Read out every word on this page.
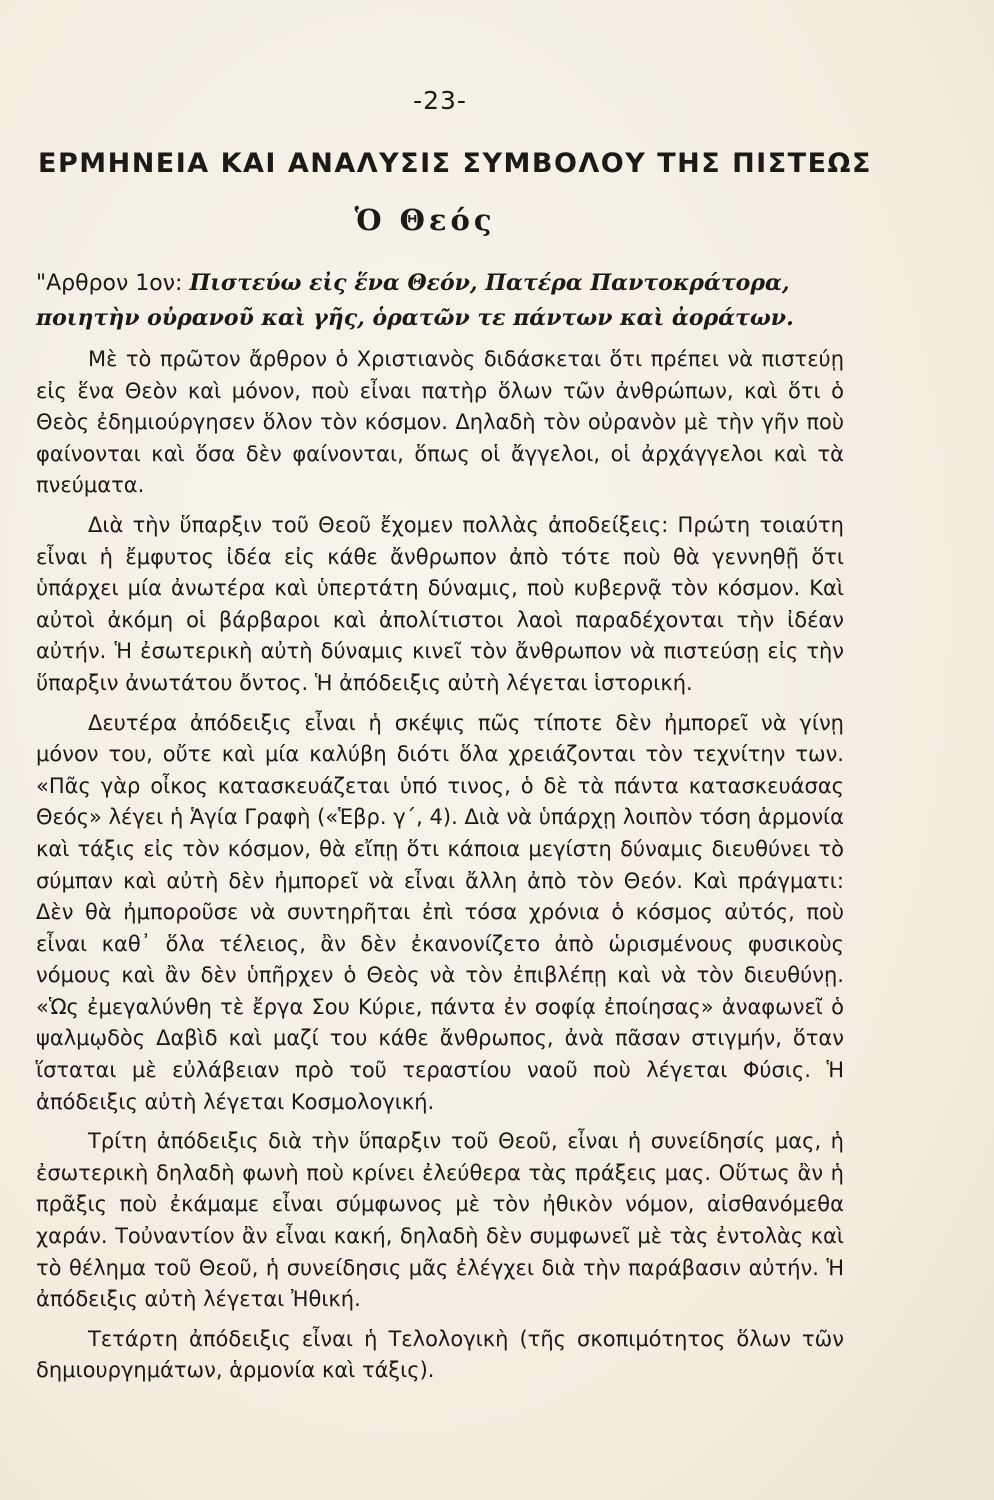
-23-
ΕΡΜΗΝΕΙΑ ΚΑΙ ΑΝΑΛΥΣΙΣ ΣΥΜΒΟΛΟΥ ΤΗΣ ΠΙΣΤΕΩΣ
Ὁ Θεός
"Αρθρον 1ον: Πιστεύω εἰς ἕνα Θεόν, Πατέρα Παντοκράτορα, ποιητὴν οὐρανοῦ καὶ γῆς, ὁρατῶν τε πάντων καὶ ἀοράτων.

Μὲ τὸ πρῶτον ἄρθρον ὁ Χριστιανὸς διδάσκεται ὅτι πρέπει νὰ πιστεύῃ εἰς ἕνα Θεὸν καὶ μόνον, ποὺ εἶναι πατὴρ ὅλων τῶν ἀνθρώπων, καὶ ὅτι ὁ Θεὸς ἐδημιούργησεν ὅλον τὸν κόσμον. Δηλαδὴ τὸν οὐρανὸν μὲ τὴν γῆν ποὺ φαίνονται καὶ ὅσα δὲν φαίνονται, ὅπως οἱ ἄγγελοι, οἱ ἀρχάγγελοι καὶ τὰ πνεύματα.

Διὰ τὴν ὕπαρξιν τοῦ Θεοῦ ἔχομεν πολλὰς ἀποδείξεις: Πρώτη τοιαύτη εἶναι ἡ ἔμφυτος ἰδέα εἰς κάθε ἄνθρωπον ἀπὸ τότε ποὺ θὰ γεννηθῇ ὅτι ὑπάρχει μία ἀνωτέρα καὶ ὑπερτάτη δύναμις, ποὺ κυβερνᾷ τὸν κόσμον. Καὶ αὐτοὶ ἀκόμη οἱ βάρβαροι καὶ ἀπολίτιστοι λαοὶ παραδέχονται τὴν ἰδέαν αὐτήν. Ἡ ἐσωτερικὴ αὐτὴ δύναμις κινεῖ τὸν ἄνθρωπον νὰ πιστεύσῃ εἰς τὴν ὕπαρξιν ἀνωτάτου ὄντος. Ἡ ἀπόδειξις αὐτὴ λέγεται ἱστορική.

Δευτέρα ἀπόδειξις εἶναι ἡ σκέψις πῶς τίποτε δὲν ἠμπορεῖ νὰ γίνῃ μόνον του, οὔτε καὶ μία καλύβη διότι ὅλα χρειάζονται τὸν τεχνίτην των. «Πᾶς γὰρ οἶκος κατασκευάζεται ὑπό τινος, ὁ δὲ τὰ πάντα κατασκευάσας Θεός» λέγει ἡ Ἁγία Γραφὴ («Ἑβρ. γ΄, 4). Διὰ νὰ ὑπάρχῃ λοιπὸν τόση ἁρμονία καὶ τάξις εἰς τὸν κόσμον, θὰ εἴπῃ ὅτι κάποια μεγίστη δύναμις διευθύνει τὸ σύμπαν καὶ αὐτὴ δὲν ἠμπορεῖ νὰ εἶναι ἄλλη ἀπὸ τὸν Θεόν. Καὶ πράγματι: Δὲν θὰ ἠμποροῦσε νὰ συντηρῆται ἐπὶ τόσα χρόνια ὁ κόσμος αὐτός, ποὺ εἶναι καθ᾽ ὅλα τέλειος, ἂν δὲν ἐκανονίζετο ἀπὸ ὡρισμένους φυσικοὺς νόμους καὶ ἂν δὲν ὑπῆρχεν ὁ Θεὸς νὰ τὸν ἐπιβλέπῃ καὶ νὰ τὸν διευθύνῃ. «Ὡς ἐμεγαλύνθη τὲ ἔργα Σου Κύριε, πάντα ἐν σοφίᾳ ἐποίησας» ἀναφωνεῖ ὁ ψαλμῳδὸς Δαβὶδ καὶ μαζί του κάθε ἄνθρωπος, ἀνὰ πᾶσαν στιγμήν, ὅταν ἵσταται μὲ εὐλάβειαν πρὸ τοῦ τεραστίου ναοῦ ποὺ λέγεται Φύσις. Ἡ ἀπόδειξις αὐτὴ λέγεται Κοσμολογική.

Τρίτη ἀπόδειξις διὰ τὴν ὕπαρξιν τοῦ Θεοῦ, εἶναι ἡ συνείδησίς μας, ἡ ἐσωτερικὴ δηλαδὴ φωνὴ ποὺ κρίνει ἐλεύθερα τὰς πράξεις μας. Οὕτως ἂν ἡ πρᾶξις ποὺ ἐκάμαμε εἶναι σύμφωνος μὲ τὸν ἠθικὸν νόμον, αἰσθανόμεθα χαράν. Τοὐναντίον ἂν εἶναι κακή, δηλαδὴ δὲν συμφωνεῖ μὲ τὰς ἐντολὰς καὶ τὸ θέλημα τοῦ Θεοῦ, ἡ συνείδησις μᾶς ἐλέγχει διὰ τὴν παράβασιν αὐτήν. Ἡ ἀπόδειξις αὐτὴ λέγεται Ἠθική.

Τετάρτη ἀπόδειξις εἶναι ἡ Τελολογικὴ (τῆς σκοπιμότητος ὅλων τῶν δημιουργημάτων, ἁρμονία καὶ τάξις).
